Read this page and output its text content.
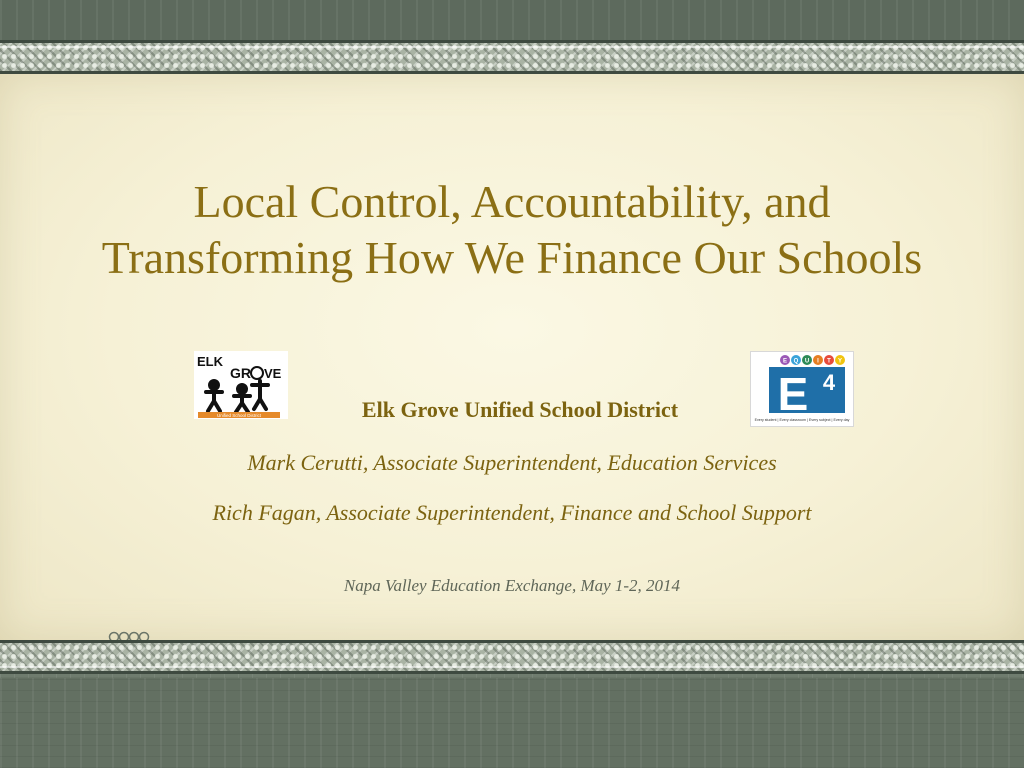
Local Control, Accountability, and
Transforming How We Finance Our Schools
ELK
GR VE
Unified School District
E Q U I T Y
E 4
Every student | Every classroom | Every subject | Every day

Elk Grove Unified School District

Mark Cerutti, Associate Superintendent, Education Services

Rich Fagan, Associate Superintendent, Finance and School Support

Napa Valley Education Exchange, May 1-2, 2014
